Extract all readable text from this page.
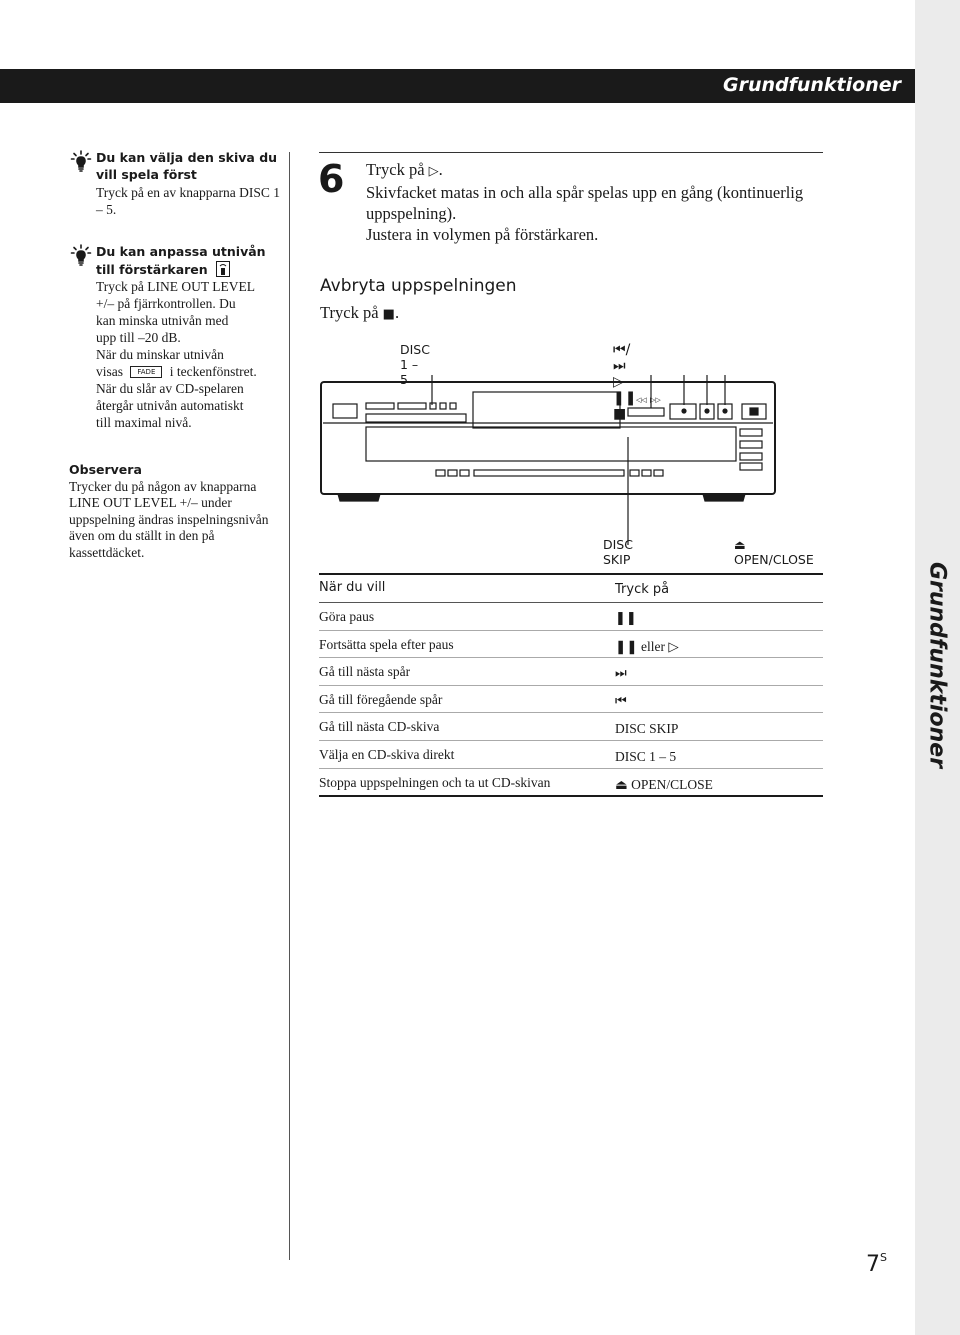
Grundfunktioner
Grundfunktioner
Du kan välja den skiva du vill spela först
Tryck på en av knapparna DISC 1 – 5.
Du kan anpassa utnivån till förstärkaren
Tryck på LINE OUT LEVEL
+/– på fjärrkontrollen. Du
kan minska utnivån med
upp till –20 dB.
När du minskar utnivån
visas FADE i teckenfönstret.
När du slår av CD-spelaren
återgår utnivån automatiskt
till maximal nivå.
Observera
Trycker du på någon av knapparna LINE OUT LEVEL +/– under uppspelning ändras inspelningsnivån även om du ställt in den på kassettdäcket.
6 Tryck på ▷.
Skivfacket matas in och alla spår spelas upp en gång (kontinuerlig uppspelning).
Justera in volymen på förstärkaren.
Avbryta uppspelningen
Tryck på ■.
DISC 1 – 5
⏮/⏭ ▷ ❚❚ ■
DISC SKIP
⏏ OPEN/CLOSE
◁◁ ▷▷
När du vill	Tryck på
Göra paus	❚❚
Fortsätta spela efter paus	❚❚ eller ▷
Gå till nästa spår	⏭
Gå till föregående spår	⏮
Gå till nästa CD-skiva	DISC SKIP
Välja en CD-skiva direkt	DISC 1 – 5
Stoppa uppspelningen och ta ut CD-skivan	⏏ OPEN/CLOSE
$7^S$
